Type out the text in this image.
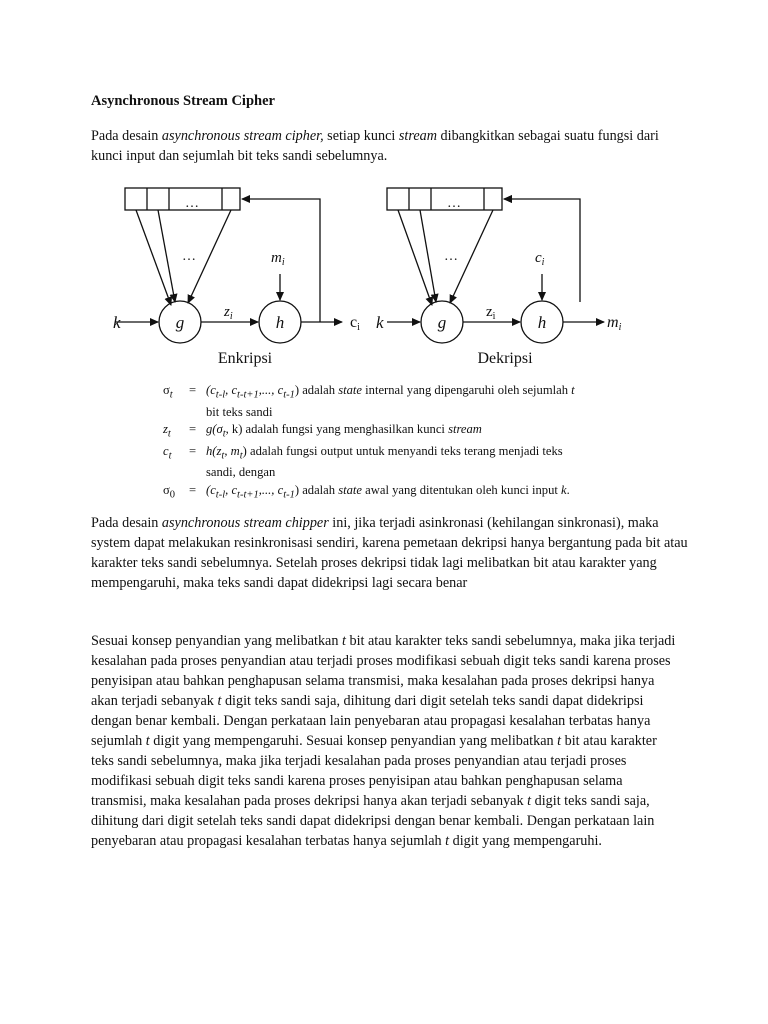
Asynchronous Stream Cipher

Pada desain asynchronous stream cipher, setiap kunci stream dibangkitkan sebagai suatu fungsi dari kunci input dan sejumlah bit teks sandi sebelumnya.

…
…
k	g
$z_i$	h
$m_i$
ci
Enkripsi
…
…
k	g
$z_i$ h
$c_i$
mi
Dekripsi
$\sigma_t$	= ($c_{t-l}$, $c_{t-t+1}$,..., $c_{t-1}$) adalah state internal yang dipengaruhi oleh sejumlah t
bit teks sandi
$z_t$	= $g(\sigma_t$, k) adalah fungsi yang menghasilkan kunci stream
$c_t$	= $h(z_t$, $m_t$) adalah fungsi output untuk menyandi teks terang menjadi teks
sandi, dengan
$\sigma_0$	= ($c_{t-l}$, $c_{t-t+1}$,..., $c_{t-1}$) adalah state awal yang ditentukan oleh kunci input k.

Pada desain asynchronous stream chipper ini, jika terjadi asinkronasi (kehilangan sinkronasi), maka system dapat melakukan resinkronisasi sendiri, karena pemetaan dekripsi hanya bergantung pada bit atau karakter teks sandi sebelumnya. Setelah proses dekripsi tidak lagi melibatkan bit atau karakter yang mempengaruhi, maka teks sandi dapat didekripsi lagi secara benar

Sesuai konsep penyandian yang melibatkan t bit atau karakter teks sandi sebelumnya, maka jika terjadi kesalahan pada proses penyandian atau terjadi proses modifikasi sebuah digit teks sandi karena proses penyisipan atau bahkan penghapusan selama transmisi, maka kesalahan pada proses dekripsi hanya akan terjadi sebanyak t digit teks sandi saja, dihitung dari digit setelah teks sandi dapat didekripsi dengan benar kembali. Dengan perkataan lain penyebaran atau propagasi kesalahan terbatas hanya sejumlah t digit yang mempengaruhi. Sesuai konsep penyandian yang melibatkan t bit atau karakter teks sandi sebelumnya, maka jika terjadi kesalahan pada proses penyandian atau terjadi proses modifikasi sebuah digit teks sandi karena proses penyisipan atau bahkan penghapusan selama transmisi, maka kesalahan pada proses dekripsi hanya akan terjadi sebanyak t digit teks sandi saja, dihitung dari digit setelah teks sandi dapat didekripsi dengan benar kembali. Dengan perkataan lain penyebaran atau propagasi kesalahan terbatas hanya sejumlah t digit yang mempengaruhi.
